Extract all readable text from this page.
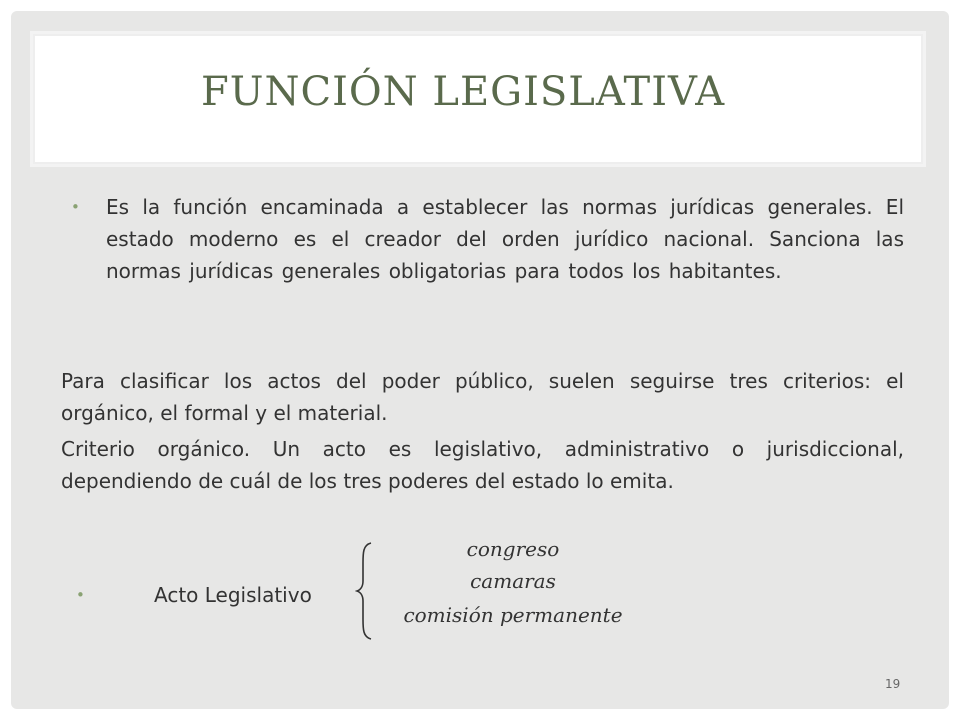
FUNCIÓN LEGISLATIVA
• Es la función encaminada a establecer las normas jurídicas generales. El estado moderno es el creador del orden jurídico nacional. Sanciona las normas jurídicas generales obligatorias para todos los habitantes.
Para clasificar los actos del poder público, suelen seguirse tres criterios: el orgánico, el formal y el material.
Criterio orgánico. Un acto es legislativo, administrativo o jurisdiccional, dependiendo de cuál de los tres poderes del estado lo emita.
•	Acto Legislativo
congreso
camaras
comisión permanente
19
